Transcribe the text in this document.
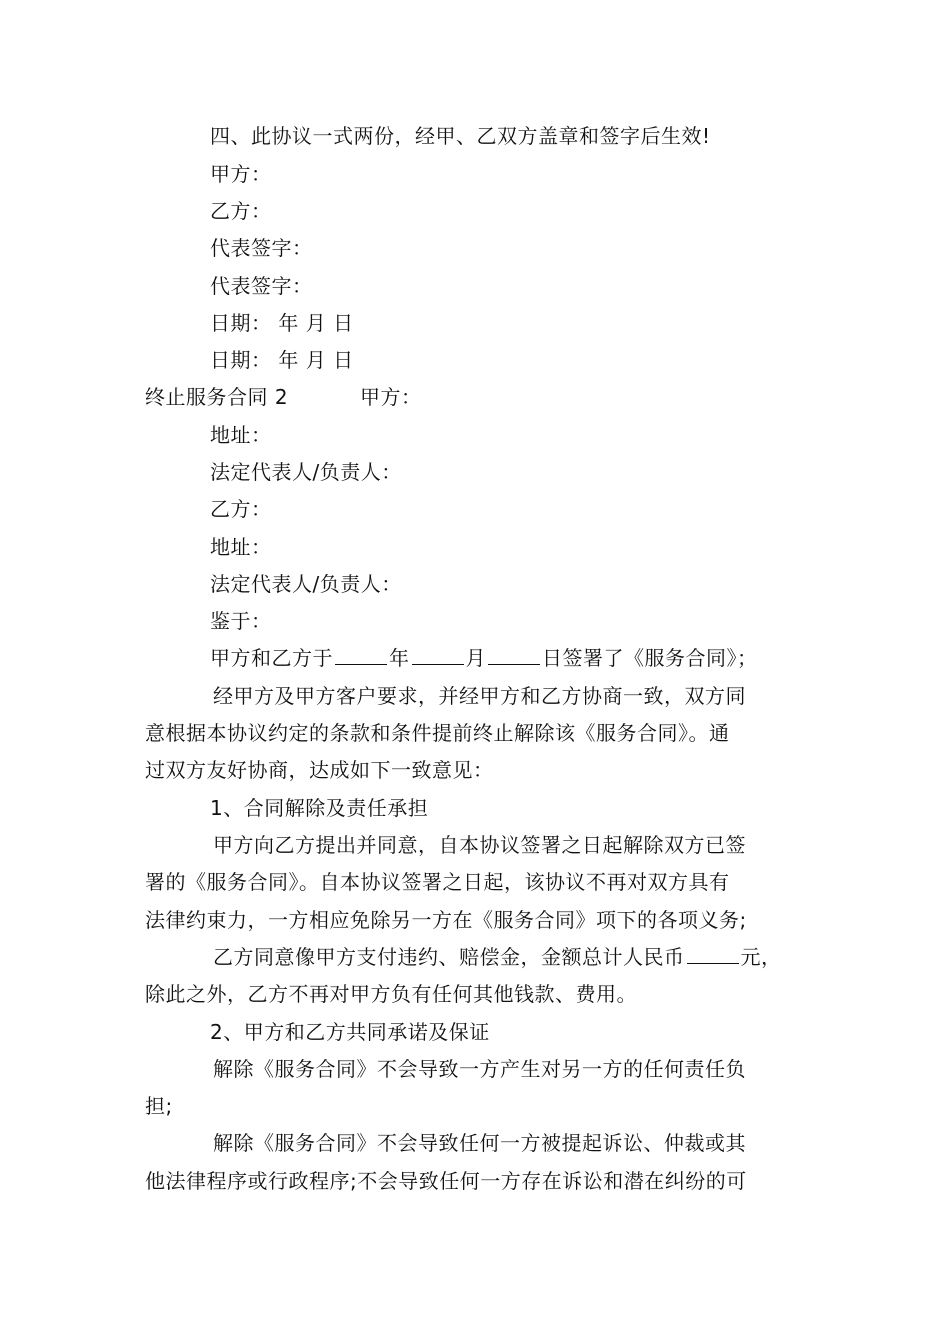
四、此协议一式两份，经甲、乙双方盖章和签字后生效!
甲方：
乙方：
代表签字：
代表签字：
日期： 年 月 日
日期： 年 月 日
终止服务合同 2	甲方：
地址：
法定代表人/负责人：
乙方：
地址：
法定代表人/负责人：
鉴于：
甲方和乙方于	年	月	日签署了《服务合同》；
经甲方及甲方客户要求，并经甲方和乙方协商一致，双方同
意根据本协议约定的条款和条件提前终止解除该《服务合同》。通
过双方友好协商，达成如下一致意见：
1、合同解除及责任承担
甲方向乙方提出并同意，自本协议签署之日起解除双方已签
署的《服务合同》。自本协议签署之日起，该协议不再对双方具有
法律约束力，一方相应免除另一方在《服务合同》项下的各项义务;
乙方同意像甲方支付违约、赔偿金，金额总计人民币	元，
除此之外，乙方不再对甲方负有任何其他钱款、费用。
2、甲方和乙方共同承诺及保证
解除《服务合同》不会导致一方产生对另一方的任何责任负
担;
解除《服务合同》不会导致任何一方被提起诉讼、仲裁或其
他法律程序或行政程序;不会导致任何一方存在诉讼和潜在纠纷的可
